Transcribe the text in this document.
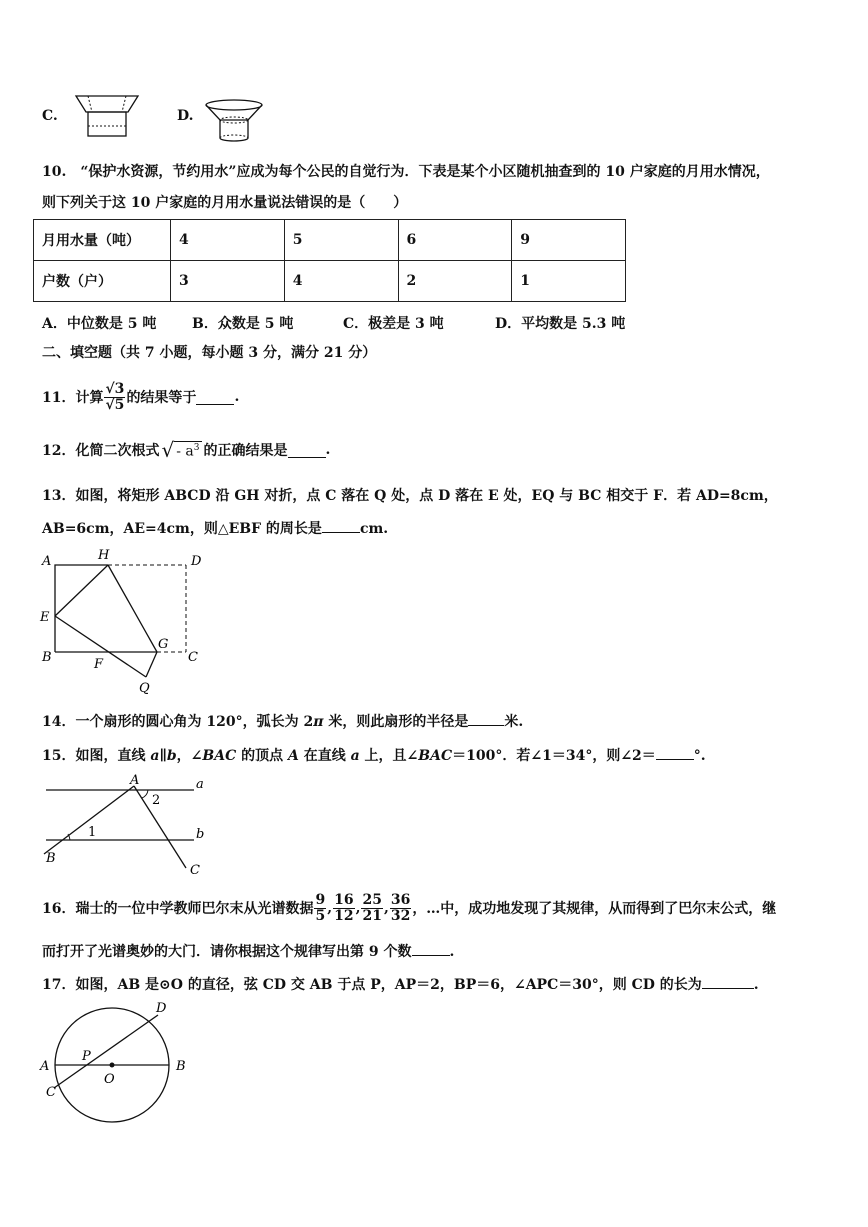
C.	D.
10.　 “保护水资源，节约用水”应成为每个公民的自觉行为．下表是某个小区随机抽查到的 10 户家庭的月用水情况，
则下列关于这 10 户家庭的月用水量说法错误的是（　　）
月用水量（吨）	4	5	6	9
户数（户）	3	4	2	1
A．中位数是 5 吨	B．众数是 5 吨	C．极差是 3 吨	D．平均数是 5.3 吨
二、填空题（共 7 小题，每小题 3 分，满分 21 分）
11．计算 $\frac{√3}{√5}$ 的结果等于	.
12．化简二次根式 √ - $a^3$ 的正确结果是	.
13．如图，将矩形 ABCD 沿 GH 对折，点 C 落在 Q 处，点 D 落在 E 处，EQ 与 BC 相交于 F．若 AD=8cm，
AB=6cm，AE=4cm，则△EBF 的周长是	cm.
A	H	D
E
G
B	F	C
Q
14．一个扇形的圆心角为 120°，弧长为 2π 米，则此扇形的半径是	米.
15．如图，直线 a∥b，∠BAC 的顶点 A 在直线 a 上，且∠BAC＝100°．若∠1＝34°，则∠2＝	°.
A	a
2
1	b
B
C
16．瑞士的一位中学教师巴尔末从光谱数据 $\frac{9}{5}$ , $\frac{16}{12}$ , $\frac{25}{21}$ , $\frac{36}{32}$ ，…中，成功地发现了其规律，从而得到了巴尔末公式，继
而打开了光谱奥妙的大门．请你根据这个规律写出第 9 个数	.
17．如图，AB 是⊙O 的直径，弦 CD 交 AB 于点 P，AP＝2，BP＝6，∠APC＝30°，则 CD 的长为	.
D
P
A
O
B
C
